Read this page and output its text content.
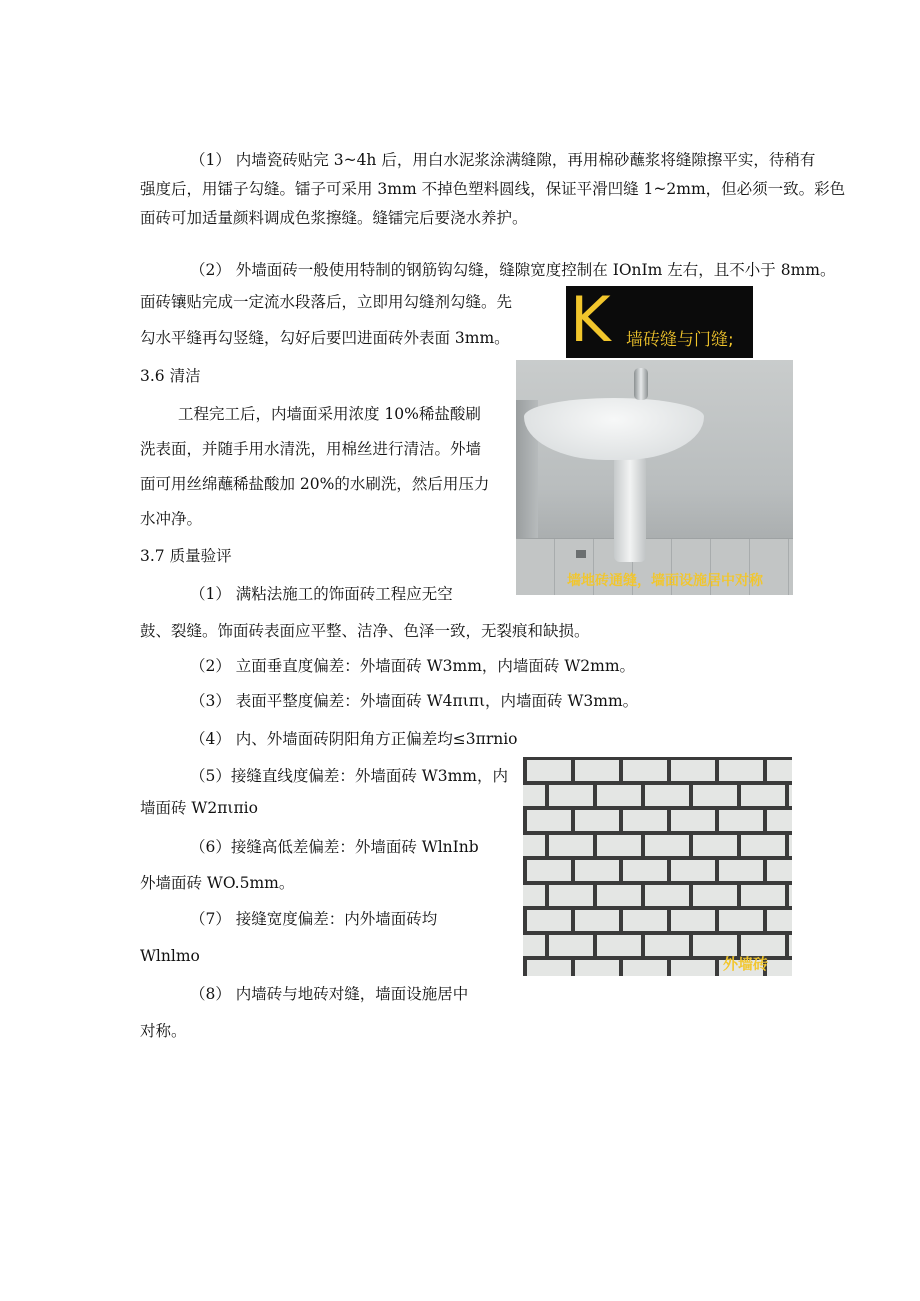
（1） 内墙瓷砖贴完 3~4h 后，用白水泥浆涂满缝隙，再用棉砂蘸浆将缝隙擦平实，待稍有
强度后，用镭子勾缝。镭子可采用 3mm 不掉色塑料圆线，保证平滑凹缝 1~2mm，但必须一致。彩色
面砖可加适量颜料调成色浆擦缝。缝镭完后要浇水养护。
（2） 外墙面砖一般使用特制的钢筋钩勾缝，缝隙宽度控制在 IOnIm 左右，且不小于 8mm。
面砖镶贴完成一定流水段落后，立即用勾缝剂勾缝。先
勾水平缝再勾竖缝，勾好后要凹进面砖外表面 3mm。 K 墙砖缝与门缝;
3.6 清洁
工程完工后，内墙面采用浓度 10%稀盐酸刷
洗表面，并随手用水清洗，用棉丝进行清洁。外墙
面可用丝绵蘸稀盐酸加 20%的水刷洗，然后用压力
水冲净。
墙地砖通缝，墙面设施居中对称
3.7 质量验评
（1） 满粘法施工的饰面砖工程应无空
鼓、裂缝。饰面砖表面应平整、洁净、色泽一致，无裂痕和缺损。
（2） 立面垂直度偏差：外墙面砖 W3mm，内墙面砖 W2mm。
（3） 表面平整度偏差：外墙面砖 W4πιπι，内墙面砖 W3mm。
（4） 内、外墙面砖阴阳角方正偏差均≤3πrnio
（5）接缝直线度偏差：外墙面砖 W3mm，内
墙面砖 W2πιπio
（6）接缝高低差偏差：外墙面砖 WlnInb
外墙面砖 WO.5mm。
（7） 接缝宽度偏差：内外墙面砖均
Wlnlmo
（8） 内墙砖与地砖对缝，墙面设施居中
对称。
外墙砖
